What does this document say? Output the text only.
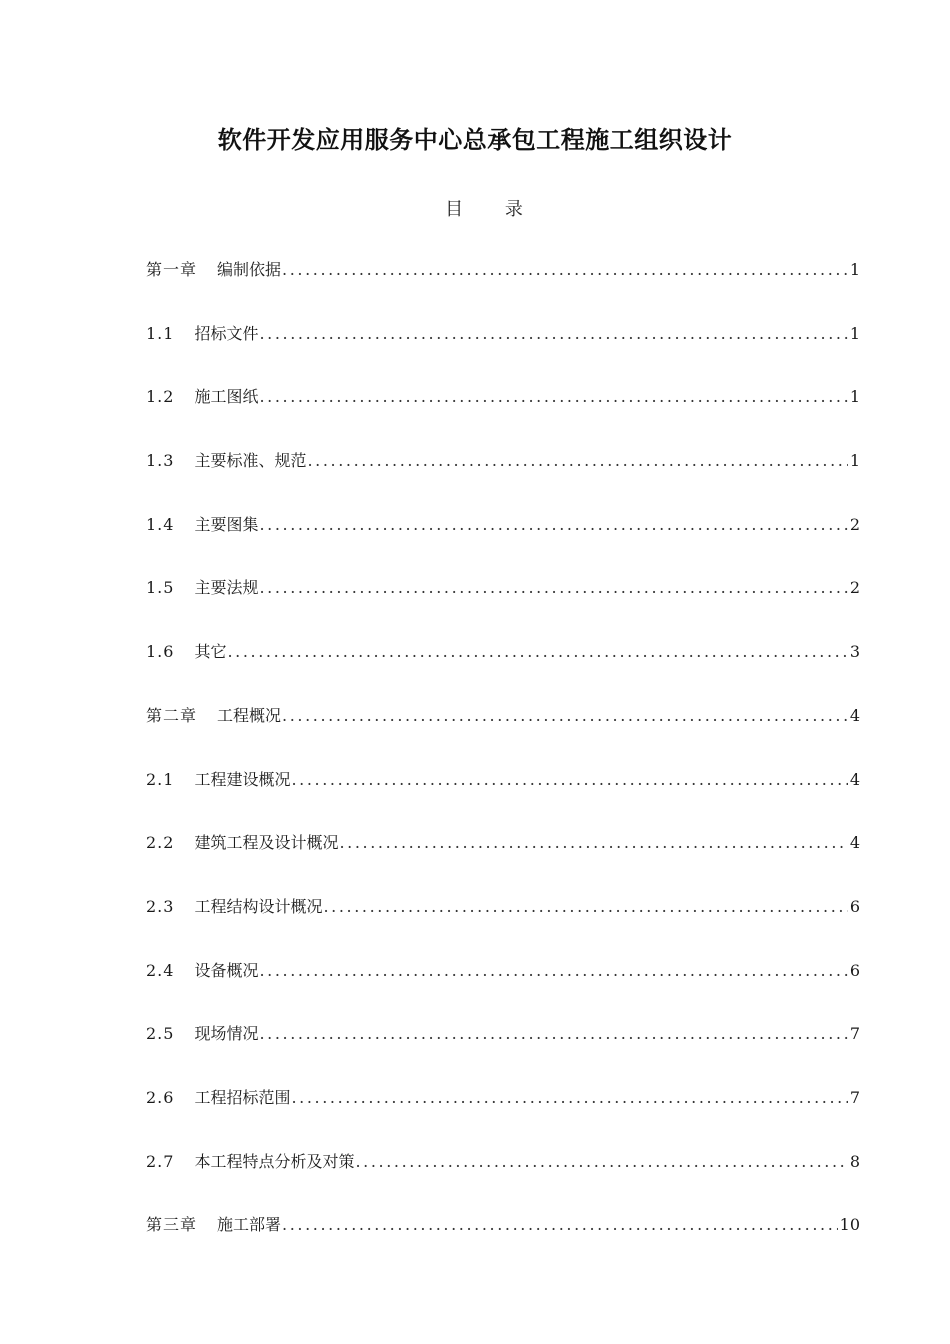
软件开发应用服务中心总承包工程施工组织设计
目 录
第一章 编制依据 .....	1
1.1 招标文件 .....	1
1.2 施工图纸 .....	1
1.3 主要标准、规范 .....	1
1.4 主要图集 .....	2
1.5 主要法规 .....	2
1.6 其它 .....	3
第二章 工程概况 .....	4
2.1 工程建设概况 .....	4
2.2 建筑工程及设计概况 .....	4
2.3 工程结构设计概况 .....	6
2.4 设备概况 .....	6
2.5 现场情况 .....	7
2.6 工程招标范围 .....	7
2.7 本工程特点分析及对策 .....	8
第三章 施工部署 .....	10
